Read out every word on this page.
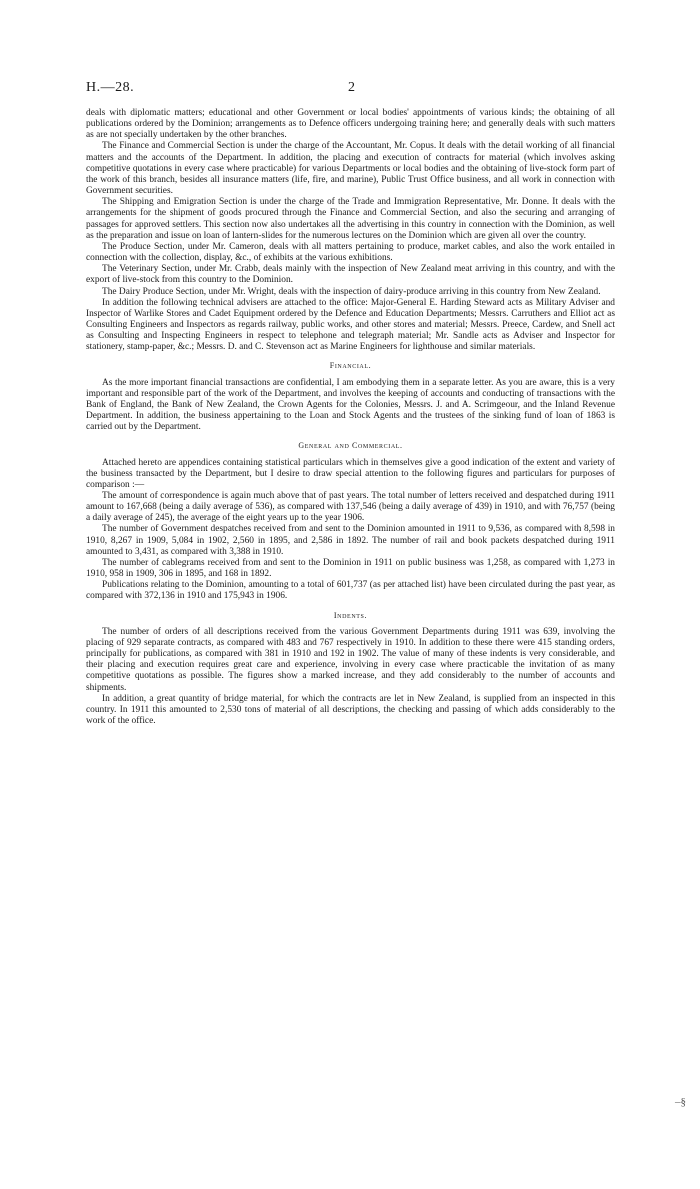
H.—28.	2

deals with diplomatic matters; educational and other Government or local bodies' appointments of various kinds; the obtaining of all publications ordered by the Dominion; arrangements as to Defence officers undergoing training here; and generally deals with such matters as are not specially undertaken by the other branches.

The Finance and Commercial Section is under the charge of the Accountant, Mr. Copus. It deals with the detail working of all financial matters and the accounts of the Department. In addition, the placing and execution of contracts for material (which involves asking competitive quotations in every case where practicable) for various Departments or local bodies and the obtaining of live-stock form part of the work of this branch, besides all insurance matters (life, fire, and marine), Public Trust Office business, and all work in connection with Government securities.

The Shipping and Emigration Section is under the charge of the Trade and Immigration Representative, Mr. Donne. It deals with the arrangements for the shipment of goods procured through the Finance and Commercial Section, and also the securing and arranging of passages for approved settlers. This section now also undertakes all the advertising in this country in connection with the Dominion, as well as the preparation and issue on loan of lantern-slides for the numerous lectures on the Dominion which are given all over the country.

The Produce Section, under Mr. Cameron, deals with all matters pertaining to produce, market cables, and also the work entailed in connection with the collection, display, &c., of exhibits at the various exhibitions.

The Veterinary Section, under Mr. Crabb, deals mainly with the inspection of New Zealand meat arriving in this country, and with the export of live-stock from this country to the Dominion.

The Dairy Produce Section, under Mr. Wright, deals with the inspection of dairy-produce arriving in this country from New Zealand.

In addition the following technical advisers are attached to the office: Major-General E. Harding Steward acts as Military Adviser and Inspector of Warlike Stores and Cadet Equipment ordered by the Defence and Education Departments; Messrs. Carruthers and Elliot act as Consulting Engineers and Inspectors as regards railway, public works, and other stores and material; Messrs. Preece, Cardew, and Snell act as Consulting and Inspecting Engineers in respect to telephone and telegraph material; Mr. Sandle acts as Adviser and Inspector for stationery, stamp-paper, &c.; Messrs. D. and C. Stevenson act as Marine Engineers for lighthouse and similar materials.

Financial.

As the more important financial transactions are confidential, I am embodying them in a separate letter. As you are aware, this is a very important and responsible part of the work of the Department, and involves the keeping of accounts and conducting of transactions with the Bank of England, the Bank of New Zealand, the Crown Agents for the Colonies, Messrs. J. and A. Scrimgeour, and the Inland Revenue Department. In addition, the business appertaining to the Loan and Stock Agents and the trustees of the sinking fund of loan of 1863 is carried out by the Department.

General and Commercial.

Attached hereto are appendices containing statistical particulars which in themselves give a good indication of the extent and variety of the business transacted by the Department, but I desire to draw special attention to the following figures and particulars for purposes of comparison :—

The amount of correspondence is again much above that of past years. The total number of letters received and despatched during 1911 amount to 167,668 (being a daily average of 536), as compared with 137,546 (being a daily average of 439) in 1910, and with 76,757 (being a daily average of 245), the average of the eight years up to the year 1906.

The number of Government despatches received from and sent to the Dominion amounted in 1911 to 9,536, as compared with 8,598 in 1910, 8,267 in 1909, 5,084 in 1902, 2,560 in 1895, and 2,586 in 1892. The number of rail and book packets despatched during 1911 amounted to 3,431, as compared with 3,388 in 1910.

The number of cablegrams received from and sent to the Dominion in 1911 on public business was 1,258, as compared with 1,273 in 1910, 958 in 1909, 306 in 1895, and 168 in 1892.

Publications relating to the Dominion, amounting to a total of 601,737 (as per attached list) have been circulated during the past year, as compared with 372,136 in 1910 and 175,943 in 1906.

Indents.

The number of orders of all descriptions received from the various Government Departments during 1911 was 639, involving the placing of 929 separate contracts, as compared with 483 and 767 respectively in 1910. In addition to these there were 415 standing orders, principally for publications, as compared with 381 in 1910 and 192 in 1902. The value of many of these indents is very considerable, and their placing and execution requires great care and experience, involving in every case where practicable the invitation of as many competitive quotations as possible. The figures show a marked increase, and they add considerably to the number of accounts and shipments.

In addition, a great quantity of bridge material, for which the contracts are let in New Zealand, is supplied from an inspected in this country. In 1911 this amounted to 2,530 tons of material of all descriptions, the checking and passing of which adds considerably to the work of the office.

–§
